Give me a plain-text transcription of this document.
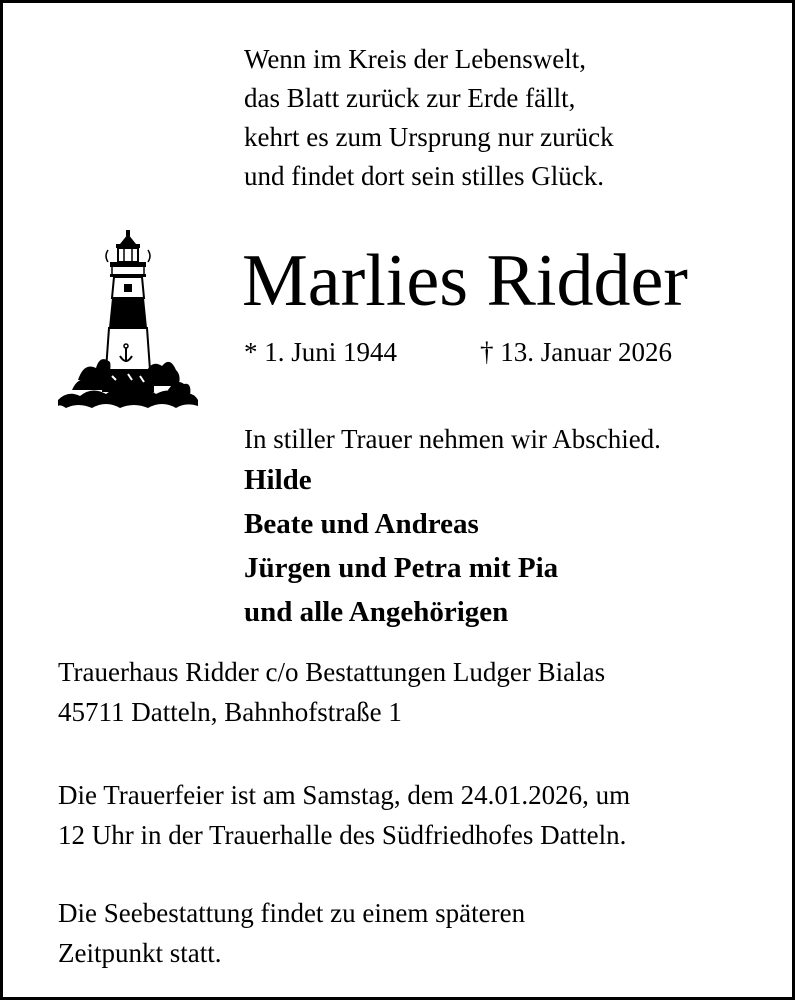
Wenn im Kreis der Lebenswelt,
das Blatt zurück zur Erde fällt,
kehrt es zum Ursprung nur zurück
und findet dort sein stilles Glück.
Marlies Ridder
* 1. Juni 1944	† 13. Januar 2026
In stiller Trauer nehmen wir Abschied.
Hilde
Beate und Andreas
Jürgen und Petra mit Pia
und alle Angehörigen
Trauerhaus Ridder c/o Bestattungen Ludger Bialas
45711 Datteln, Bahnhofstraße 1
Die Trauerfeier ist am Samstag, dem 24.01.2026, um
12 Uhr in der Trauerhalle des Südfriedhofes Datteln.
Die Seebestattung findet zu einem späteren
Zeitpunkt statt.
